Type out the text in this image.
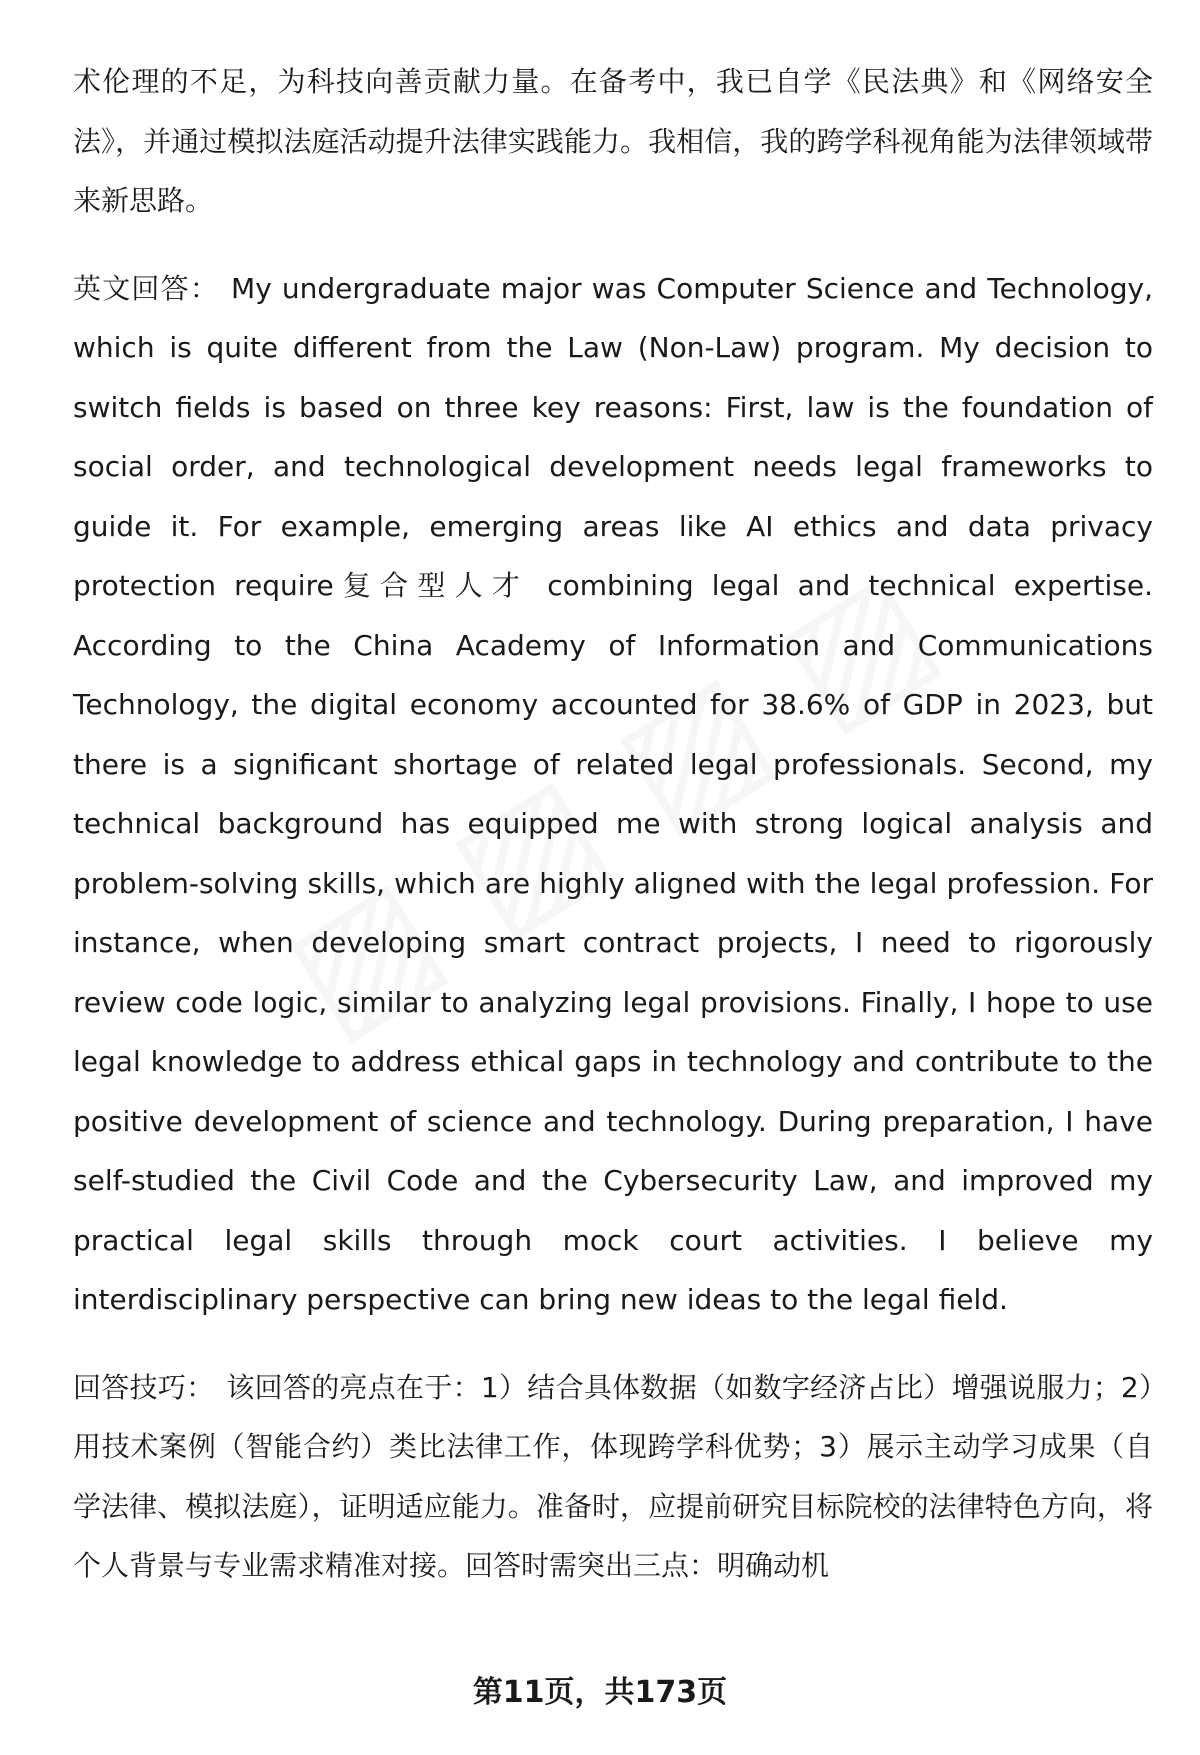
术伦理的不足，为科技向善贡献力量。在备考中，我已自学《民法典》和《网络安全法》，并通过模拟法庭活动提升法律实践能力。我相信，我的跨学科视角能为法律领域带来新思路。

英文回答： My undergraduate major was Computer Science and Technology, which is quite different from the Law (Non-Law) program. My decision to switch fields is based on three key reasons: First, law is the foundation of social order, and technological development needs legal frameworks to guide it. For example, emerging areas like AI ethics and data privacy protection require复合型人才 combining legal and technical expertise. According to the China Academy of Information and Communications Technology, the digital economy accounted for 38.6% of GDP in 2023, but there is a significant shortage of related legal professionals. Second, my technical background has equipped me with strong logical analysis and problem-solving skills, which are highly aligned with the legal profession. For instance, when developing smart contract projects, I need to rigorously review code logic, similar to analyzing legal provisions. Finally, I hope to use legal knowledge to address ethical gaps in technology and contribute to the positive development of science and technology. During preparation, I have self-studied the Civil Code and the Cybersecurity Law, and improved my practical legal skills through mock court activities. I believe my interdisciplinary perspective can bring new ideas to the legal field.

回答技巧： 该回答的亮点在于：1）结合具体数据（如数字经济占比）增强说服力；2）用技术案例（智能合约）类比法律工作，体现跨学科优势；3）展示主动学习成果（自学法律、模拟法庭），证明适应能力。准备时，应提前研究目标院校的法律特色方向，将个人背景与专业需求精准对接。回答时需突出三点：明确动机

第11页，共173页
